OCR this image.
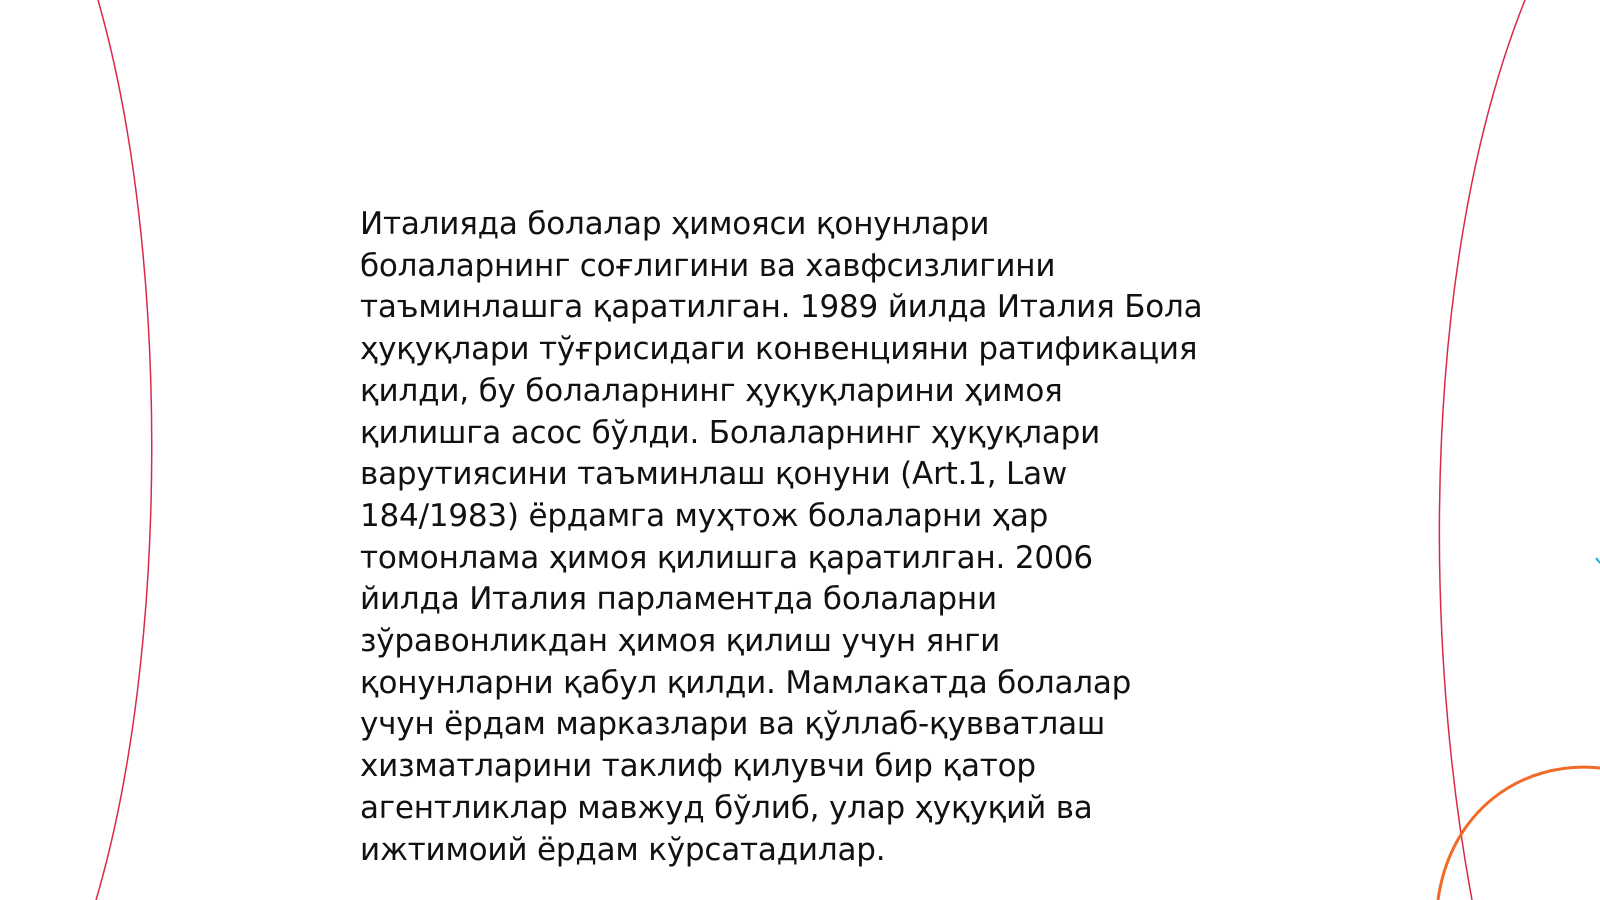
Италияда болалар ҳимояси қонунлари
болаларнинг соғлигини ва хавфсизлигини
таъминлашга қаратилган. 1989 йилда Италия Бола
ҳуқуқлари тўғрисидаги конвенцияни ратификация
қилди, бу болаларнинг ҳуқуқларини ҳимоя
қилишга асос бўлди. Болаларнинг ҳуқуқлари
варутиясини таъминлаш қонуни (Art.1, Law
184/1983) ёрдамга муҳтож болаларни ҳар
томонлама ҳимоя қилишга қаратилган. 2006
йилда Италия парламентда болаларни
зўравонликдан ҳимоя қилиш учун янги
қонунларни қабул қилди. Мамлакатда болалар
учун ёрдам марказлари ва қўллаб-қувватлаш
хизматларини таклиф қилувчи бир қатор
агентликлар мавжуд бўлиб, улар ҳуқуқий ва
ижтимоий ёрдам кўрсатадилар.
